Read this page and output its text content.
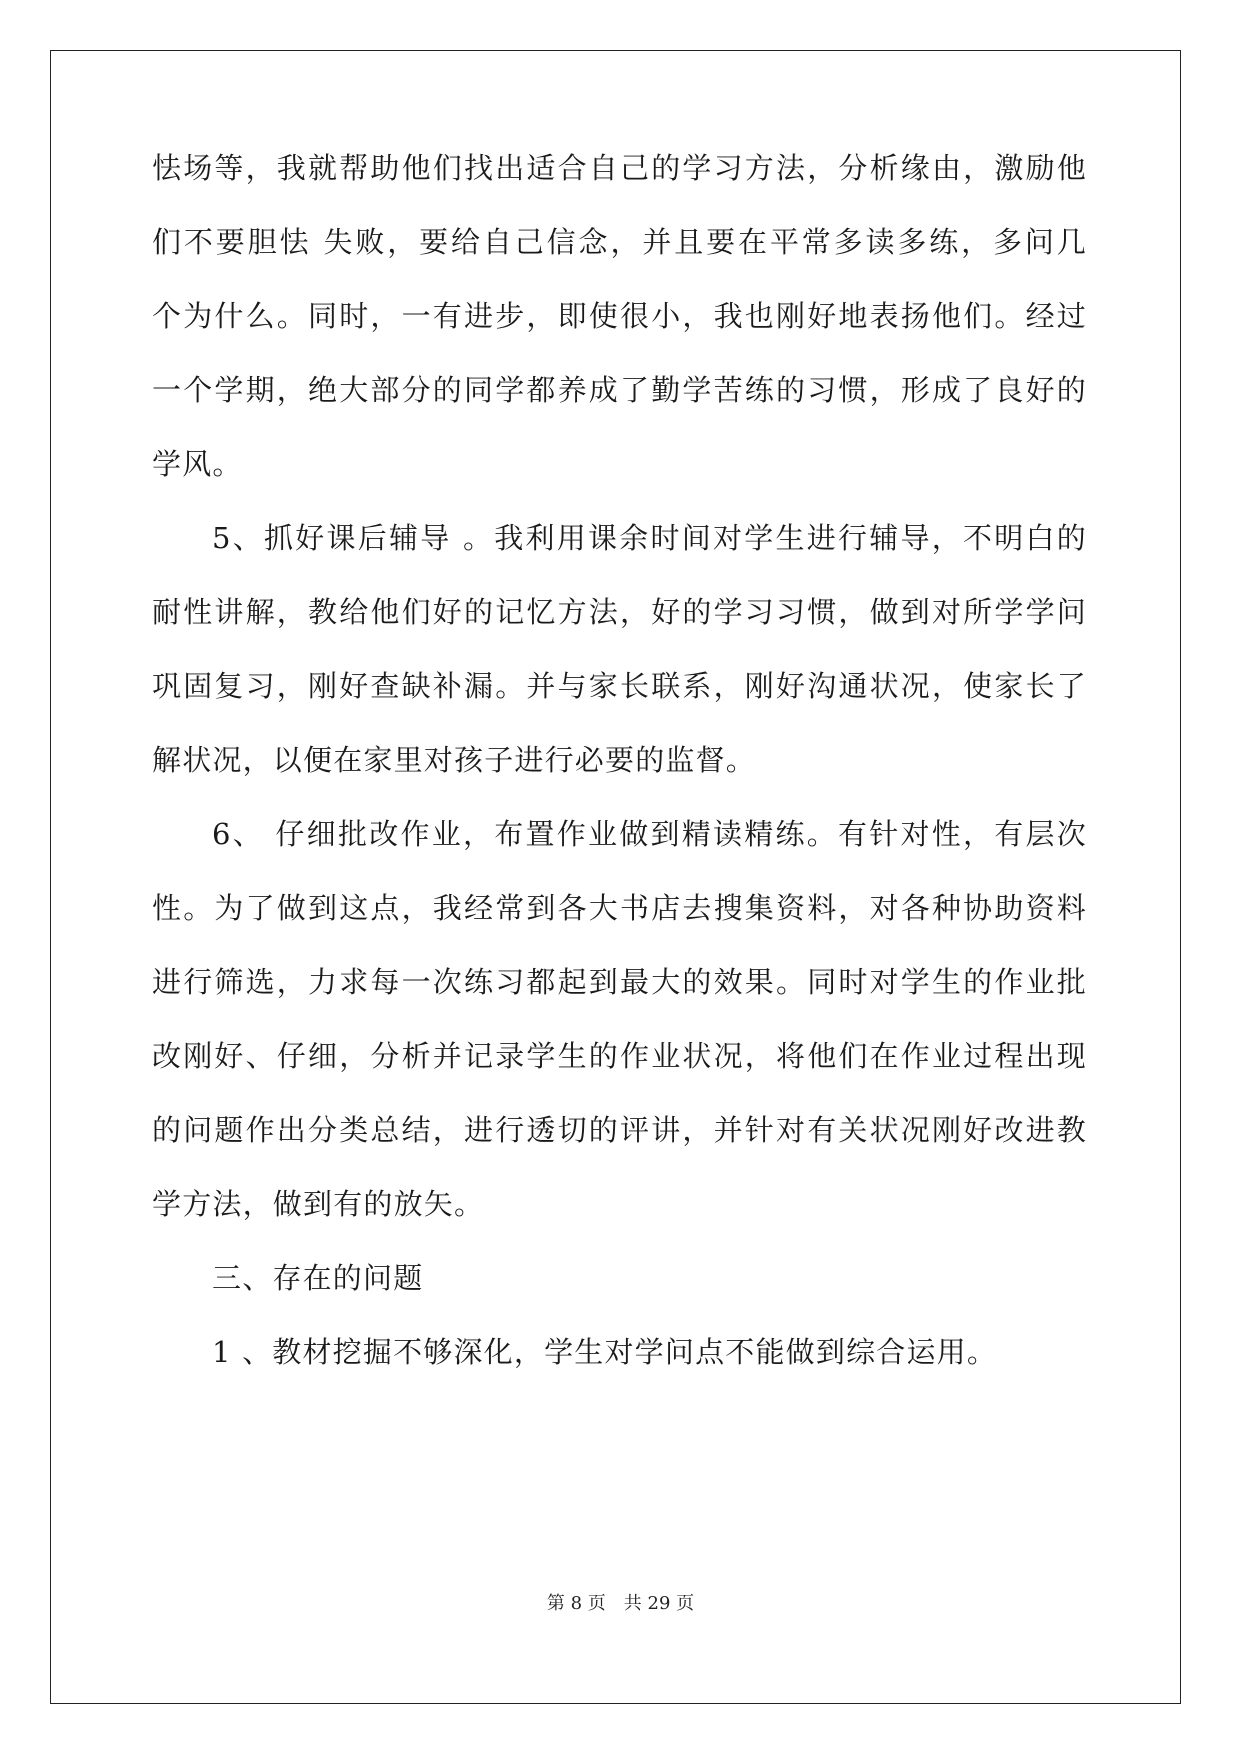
怯场等，我就帮助他们找出适合自己的学习方法，分析缘由，激励他
们不要胆怯 失败，要给自己信念，并且要在平常多读多练，多问几
个为什么。同时，一有进步，即使很小，我也刚好地表扬他们。经过
一个学期，绝大部分的同学都养成了勤学苦练的习惯，形成了良好的
学风。
5、抓好课后辅导 。我利用课余时间对学生进行辅导，不明白的
耐性讲解，教给他们好的记忆方法，好的学习习惯，做到对所学学问
巩固复习，刚好查缺补漏。并与家长联系，刚好沟通状况，使家长了
解状况，以便在家里对孩子进行必要的监督。
6、 仔细批改作业，布置作业做到精读精练。有针对性，有层次
性。为了做到这点，我经常到各大书店去搜集资料，对各种协助资料
进行筛选，力求每一次练习都起到最大的效果。同时对学生的作业批
改刚好、仔细，分析并记录学生的作业状况，将他们在作业过程出现
的问题作出分类总结，进行透切的评讲，并针对有关状况刚好改进教
学方法，做到有的放矢。
三、存在的问题
1 、教材挖掘不够深化，学生对学问点不能做到综合运用。
第 8 页 共 29 页
